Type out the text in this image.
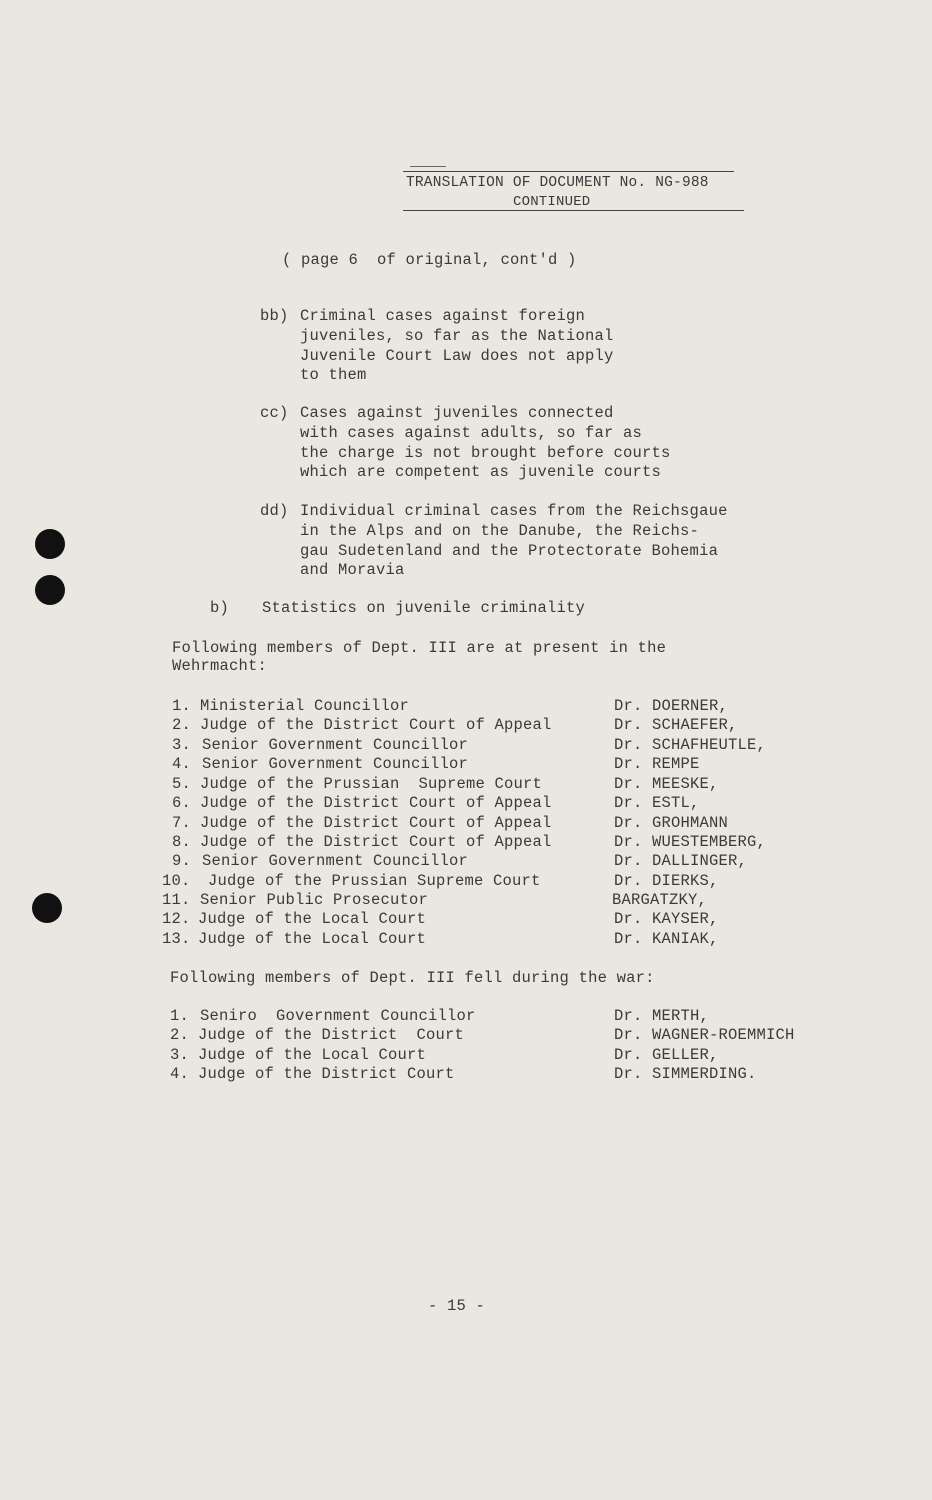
TRANSLATION OF DOCUMENT No. NG-988
CONTINUED
( page 6  of original, cont'd )
bb) Criminal cases against foreign
juveniles, so far as the National
Juvenile Court Law does not apply
to them
cc) Cases against juveniles connected
with cases against adults, so far as
the charge is not brought before courts
which are competent as juvenile courts
dd) Individual criminal cases from the Reichsgaue
in the Alps and on the Danube, the Reichs-
gau Sudetenland and the Protectorate Bohemia
and Moravia
b) Statistics on juvenile criminality
Following members of Dept. III are at present in the
Wehrmacht:
1. Ministerial Councillor	Dr. DOERNER,
2. Judge of the District Court of Appeal	Dr. SCHAEFER,
3. Senior Government Councillor	Dr. SCHAFHEUTLE,
4. Senior Government Councillor	Dr. REMPE
5. Judge of the Prussian  Supreme Court	Dr. MEESKE,
6. Judge of the District Court of Appeal	Dr. ESTL,
7. Judge of the District Court of Appeal	Dr. GROHMANN
8. Judge of the District Court of Appeal	Dr. WUESTEMBERG,
9. Senior Government Councillor	Dr. DALLINGER,
10. Judge of the Prussian Supreme Court	Dr. DIERKS,
11. Senior Public Prosecutor	BARGATZKY,
12. Judge of the Local Court	Dr. KAYSER,
13. Judge of the Local Court	Dr. KANIAK,
Following members of Dept. III fell during the war:
1. Seniro  Government Councillor	Dr. MERTH,
2. Judge of the District  Court	Dr. WAGNER-ROEMMICH
3. Judge of the Local Court	Dr. GELLER,
4. Judge of the District Court	Dr. SIMMERDING.
- 15 -
